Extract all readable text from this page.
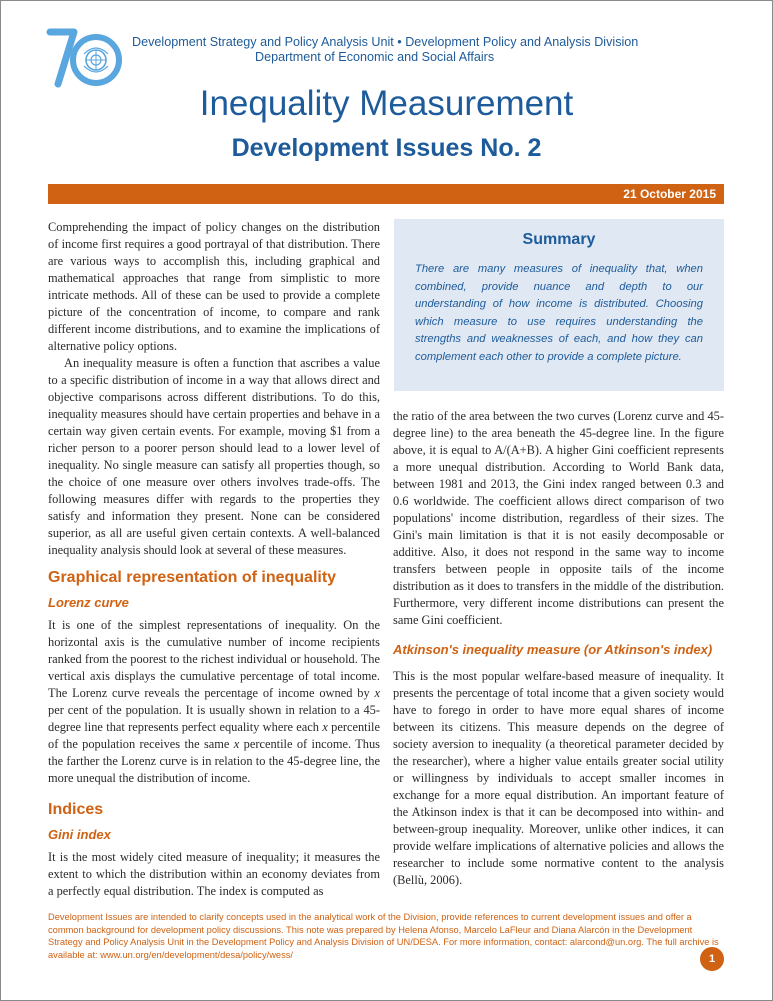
Development Strategy and Policy Analysis Unit • Development Policy and Analysis Division
Department of Economic and Social Affairs
Inequality Measurement
Development Issues No. 2
21 October 2015

Comprehending the impact of policy changes on the distribution of income first requires a good portrayal of that distribution. There are various ways to accomplish this, including graphical and mathematical approaches that range from simplistic to more intricate methods. All of these can be used to provide a complete picture of the concentration of income, to compare and rank different income distributions, and to examine the implications of alternative policy options.

An inequality measure is often a function that ascribes a value to a specific distribution of income in a way that allows direct and objective comparisons across different distributions. To do this, inequality measures should have certain properties and behave in a certain way given certain events. For example, moving $1 from a richer person to a poorer person should lead to a lower level of inequality. No single measure can satisfy all properties though, so the choice of one measure over others involves trade-offs. The following measures differ with regards to the properties they satisfy and information they present. None can be considered superior, as all are useful given certain contexts. A well-balanced inequality analysis should look at several of these measures.

Graphical representation of inequality
Lorenz curve

It is one of the simplest representations of inequality. On the horizontal axis is the cumulative number of income recipients ranked from the poorest to the richest individual or household. The vertical axis displays the cumulative percentage of total income. The Lorenz curve reveals the percentage of income owned by x per cent of the population. It is usually shown in relation to a 45-degree line that represents perfect equality where each x percentile of the population receives the same x percentile of income. Thus the farther the Lorenz curve is in relation to the 45-degree line, the more unequal the distribution of income.

Indices
Gini index

It is the most widely cited measure of inequality; it measures the extent to which the distribution within an economy deviates from a perfectly equal distribution. The index is computed as

Summary
There are many measures of inequality that, when combined, provide nuance and depth to our understanding of how income is distributed. Choosing which measure to use requires understanding the strengths and weaknesses of each, and how they can complement each other to provide a complete picture.

the ratio of the area between the two curves (Lorenz curve and 45-degree line) to the area beneath the 45-degree line. In the figure above, it is equal to A/(A+B). A higher Gini coefficient represents a more unequal distribution. According to World Bank data, between 1981 and 2013, the Gini index ranged between 0.3 and 0.6 worldwide. The coefficient allows direct comparison of two populations' income distribution, regardless of their sizes. The Gini's main limitation is that it is not easily decomposable or additive. Also, it does not respond in the same way to income transfers between people in opposite tails of the income distribution as it does to transfers in the middle of the distribution. Furthermore, very different income distributions can present the same Gini coefficient.

Atkinson's inequality measure (or Atkinson's index)

This is the most popular welfare-based measure of inequality. It presents the percentage of total income that a given society would have to forego in order to have more equal shares of income between its citizens. This measure depends on the degree of society aversion to inequality (a theoretical parameter decided by the researcher), where a higher value entails greater social utility or willingness by individuals to accept smaller incomes in exchange for a more equal distribution. An important feature of the Atkinson index is that it can be decomposed into within- and between-group inequality. Moreover, unlike other indices, it can provide welfare implications of alternative policies and allows the researcher to include some normative content to the analysis (Bellù, 2006).

Development Issues are intended to clarify concepts used in the analytical work of the Division, provide references to current development issues and offer a common background for development policy discussions. This note was prepared by Helena Afonso, Marcelo LaFleur and Diana Alarcón in the Development Strategy and Policy Analysis Unit in the Development Policy and Analysis Division of UN/DESA. For more information, contact: alarcond@un.org. The full archive is available at: www.un.org/en/development/desa/policy/wess/	1
